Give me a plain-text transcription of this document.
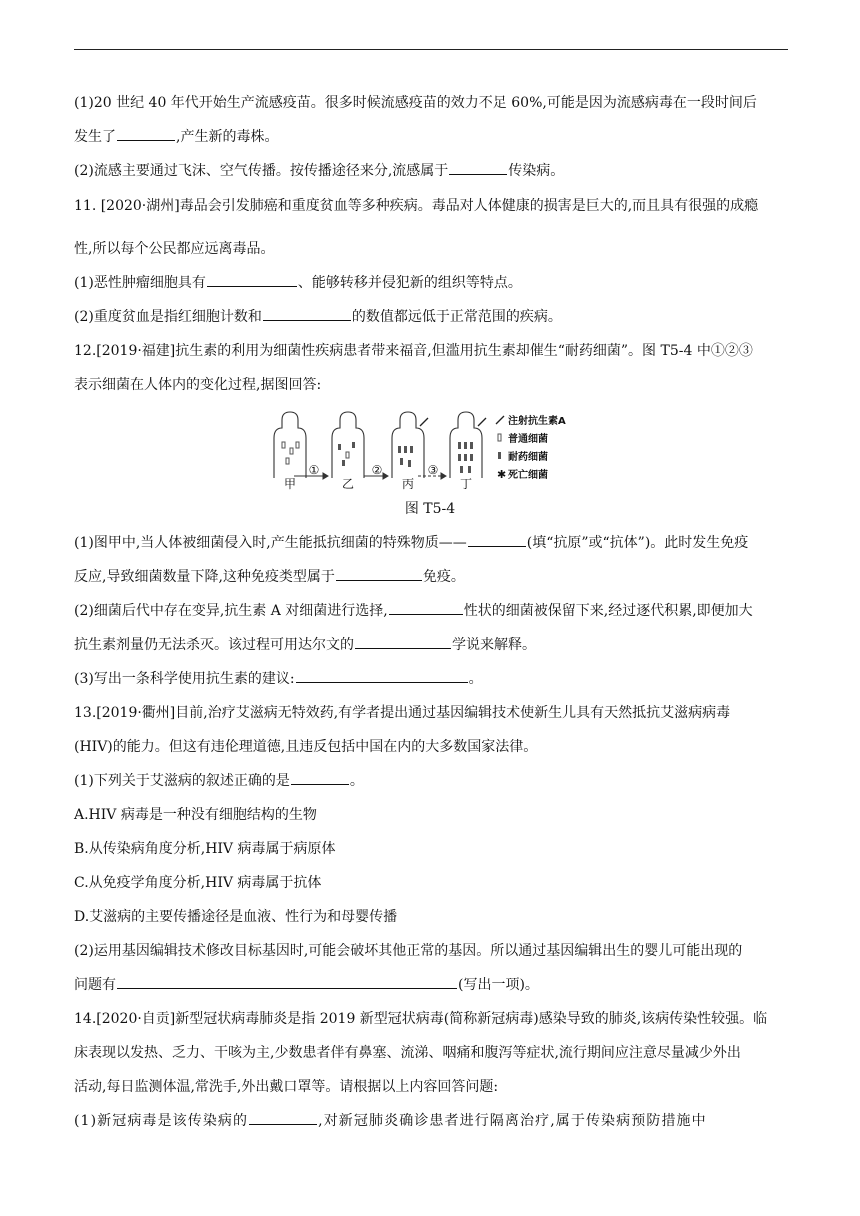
(1)20 世纪 40 年代开始生产流感疫苗。很多时候流感疫苗的效力不足 60%,可能是因为流感病毒在一段时间后
发生了	,产生新的毒株。
(2)流感主要通过飞沫、空气传播。按传播途径来分,流感属于	传染病。
11. [2020·湖州]毒品会引发肺癌和重度贫血等多种疾病。毒品对人体健康的损害是巨大的,而且具有很强的成瘾
性,所以每个公民都应远离毒品。
(1)恶性肿瘤细胞具有	、能够转移并侵犯新的组织等特点。
(2)重度贫血是指红细胞计数和	的数值都远低于正常范围的疾病。
12.[2019·福建]抗生素的利用为细菌性疾病患者带来福音,但滥用抗生素却催生“耐药细菌”。图 T5-4 中①②③
表示细菌在人体内的变化过程,据图回答:
①	②	③
甲	乙	丙	丁
注射抗生素A
普通细菌
耐药细菌
✱ 死亡细菌
图 T5-4
(1)图甲中,当人体被细菌侵入时,产生能抵抗细菌的特殊物质——	(填“抗原”或“抗体”)。此时发生免疫
反应,导致细菌数量下降,这种免疫类型属于	免疫。
(2)细菌后代中存在变异,抗生素 A 对细菌进行选择,	性状的细菌被保留下来,经过逐代积累,即便加大
抗生素剂量仍无法杀灭。该过程可用达尔文的	学说来解释。
(3)写出一条科学使用抗生素的建议:	。
13.[2019·衢州]目前,治疗艾滋病无特效药,有学者提出通过基因编辑技术使新生儿具有天然抵抗艾滋病病毒
(HIV)的能力。但这有违伦理道德,且违反包括中国在内的大多数国家法律。
(1)下列关于艾滋病的叙述正确的是	。
A.HIV 病毒是一种没有细胞结构的生物
B.从传染病角度分析,HIV 病毒属于病原体
C.从免疫学角度分析,HIV 病毒属于抗体
D.艾滋病的主要传播途径是血液、性行为和母婴传播
(2)运用基因编辑技术修改目标基因时,可能会破坏其他正常的基因。所以通过基因编辑出生的婴儿可能出现的
问题有	(写出一项)。
14.[2020·自贡]新型冠状病毒肺炎是指 2019 新型冠状病毒(简称新冠病毒)感染导致的肺炎,该病传染性较强。临
床表现以发热、乏力、干咳为主,少数患者伴有鼻塞、流涕、咽痛和腹泻等症状,流行期间应注意尽量减少外出
活动,每日监测体温,常洗手,外出戴口罩等。请根据以上内容回答问题:
(1)新冠病毒是该传染病的	,对新冠肺炎确诊患者进行隔离治疗,属于传染病预防措施中
